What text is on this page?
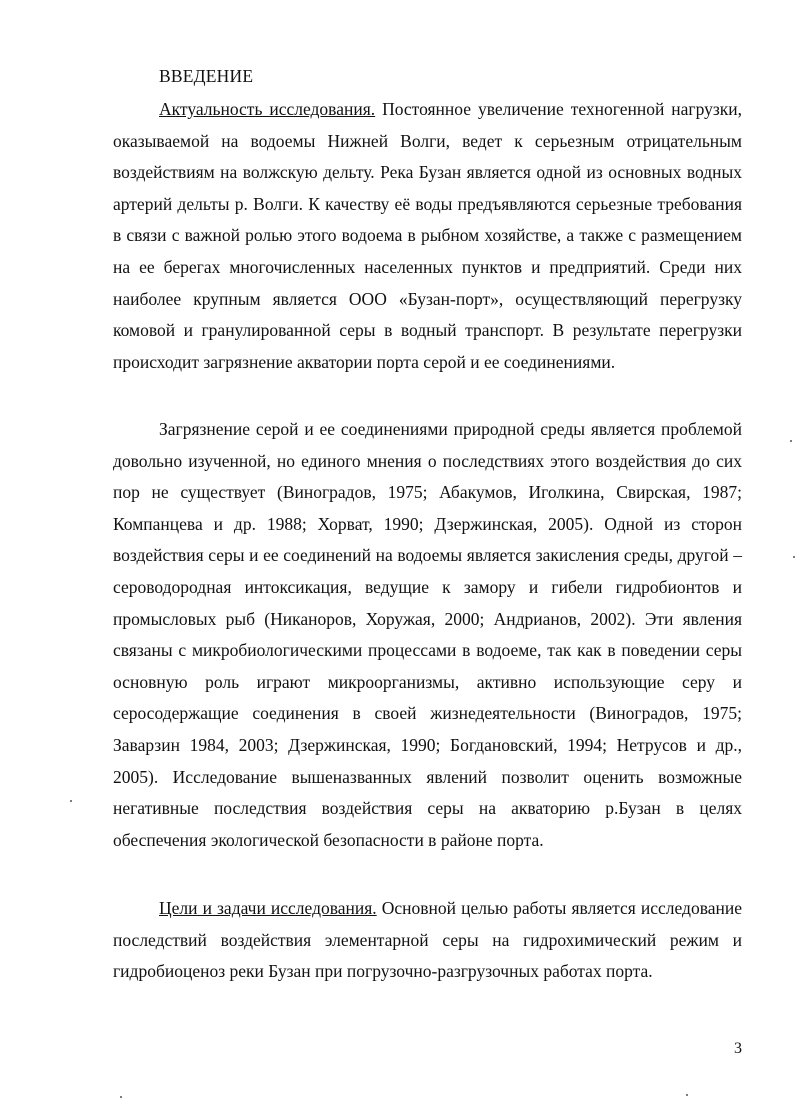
ВВЕДЕНИЕ

Актуальность исследования. Постоянное увеличение техногенной нагрузки, оказываемой на водоемы Нижней Волги, ведет к серьезным отрицательным воздействиям на волжскую дельту. Река Бузан является одной из основных водных артерий дельты р. Волги. К качеству её воды предъявляются серьезные требования в связи с важной ролью этого водоема в рыбном хозяйстве, а также с размещением на ее берегах многочисленных населенных пунктов и предприятий. Среди них наиболее крупным является ООО «Бузан-порт», осуществляющий перегрузку комовой и гранулированной серы в водный транспорт. В результате перегрузки происходит загрязнение акватории порта серой и ее соединениями.

Загрязнение серой и ее соединениями природной среды является проблемой довольно изученной, но единого мнения о последствиях этого воздействия до сих пор не существует (Виноградов, 1975; Абакумов, Иголкина, Свирская, 1987; Компанцева и др. 1988; Хорват, 1990; Дзержинская, 2005). Одной из сторон воздействия серы и ее соединений на водоемы является закисления среды, другой – сероводородная интоксикация, ведущие к замору и гибели гидробионтов и промысловых рыб (Никаноров, Хоружая, 2000; Андрианов, 2002). Эти явления связаны с микробиологическими процессами в водоеме, так как в поведении серы основную роль играют микроорганизмы, активно использующие серу и серосодержащие соединения в своей жизнедеятельности (Виноградов, 1975; Заварзин 1984, 2003; Дзержинская, 1990; Богдановский, 1994; Нетрусов и др., 2005). Исследование вышеназванных явлений позволит оценить возможные негативные последствия воздействия серы на акваторию р.Бузан в целях обеспечения экологической безопасности в районе порта.

Цели и задачи исследования. Основной целью работы является исследование последствий воздействия элементарной серы на гидрохимический режим и гидробиоценоз реки Бузан при погрузочно-разгрузочных работах порта.

3
